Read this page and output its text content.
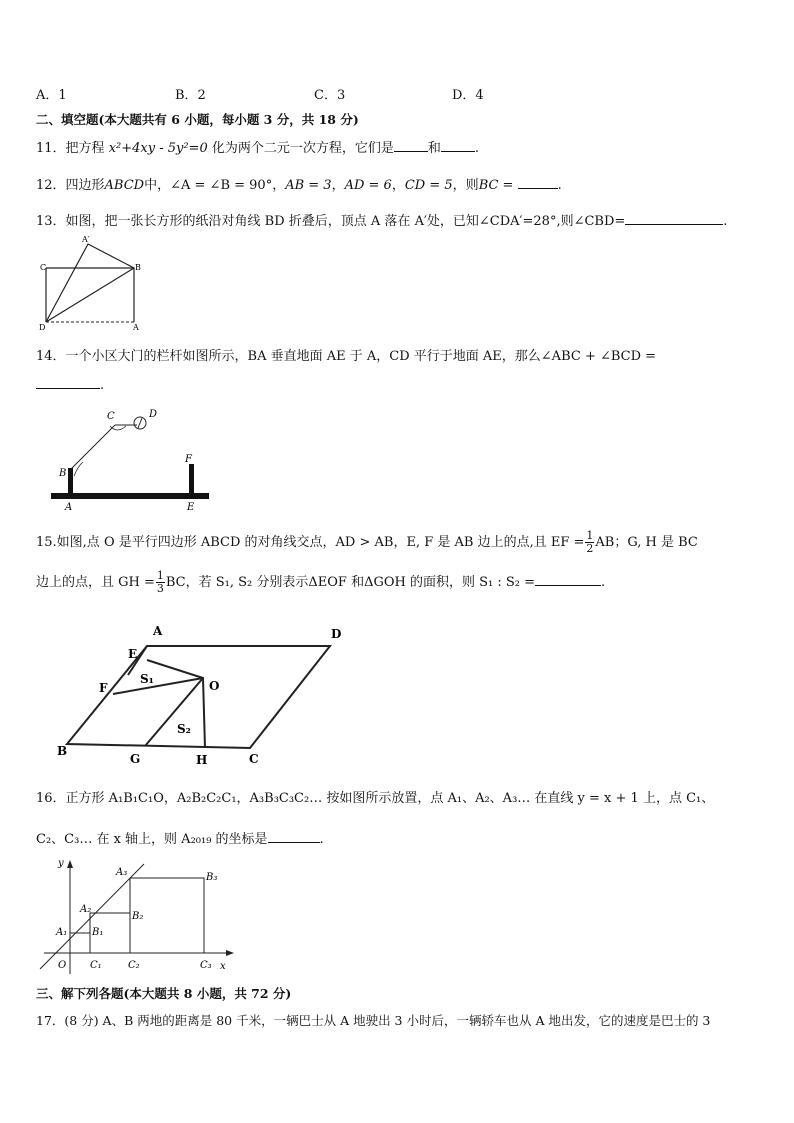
A．1	B．2	C．3	D．4
二、填空题(本大题共有 6 小题，每小题 3 分，共 18 分)
11．把方程 x²+4xy - 5y²=0 化为两个二元一次方程，它们是	和	.
12．四边形ABCD中，∠A = ∠B = 90°，AB = 3，AD = 6，CD = 5，则BC =	.
13．如图，把一张长方形的纸沿对角线 BD 折叠后，顶点 A 落在 A′处，已知∠CDA′=28°,则∠CBD=	.
C	B
D	A
A′
14．一个小区大门的栏杆如图所示，BA 垂直地面 AE 于 A，CD 平行于地面 AE，那么∠ABC + ∠BCD =
.
C	D
B
F
A	E
15.如图,点 O 是平行四边形 ABCD 的对角线交点，AD > AB，E, F 是 AB 边上的点,且 EF = $\frac{1}{2}$ AB；G, H 是 BC
边上的点，且 GH = $\frac{1}{3}$ BC，若 S₁, S₂ 分别表示ΔEOF 和ΔGOH 的面积，则 S₁ : S₂ =	.
A	D
E
F	O
S₁
S₂
B
G	H	C
16．正方形 A₁B₁C₁O，A₂B₂C₂C₁，A₃B₃C₃C₂… 按如图所示放置，点 A₁、A₂、A₃… 在直线 y = x + 1 上，点 C₁、
C₂、C₃… 在 x 轴上，则 A₂₀₁₉ 的坐标是	.
y
x
O
A₁
A₂
A₃
B₁
B₂
B₃
C₁	C₂	C₃
三、解下列各题(本大题共 8 小题，共 72 分)
17．(8 分) A、B 两地的距离是 80 千米，一辆巴士从 A 地驶出 3 小时后，一辆轿车也从 A 地出发，它的速度是巴士的 3
